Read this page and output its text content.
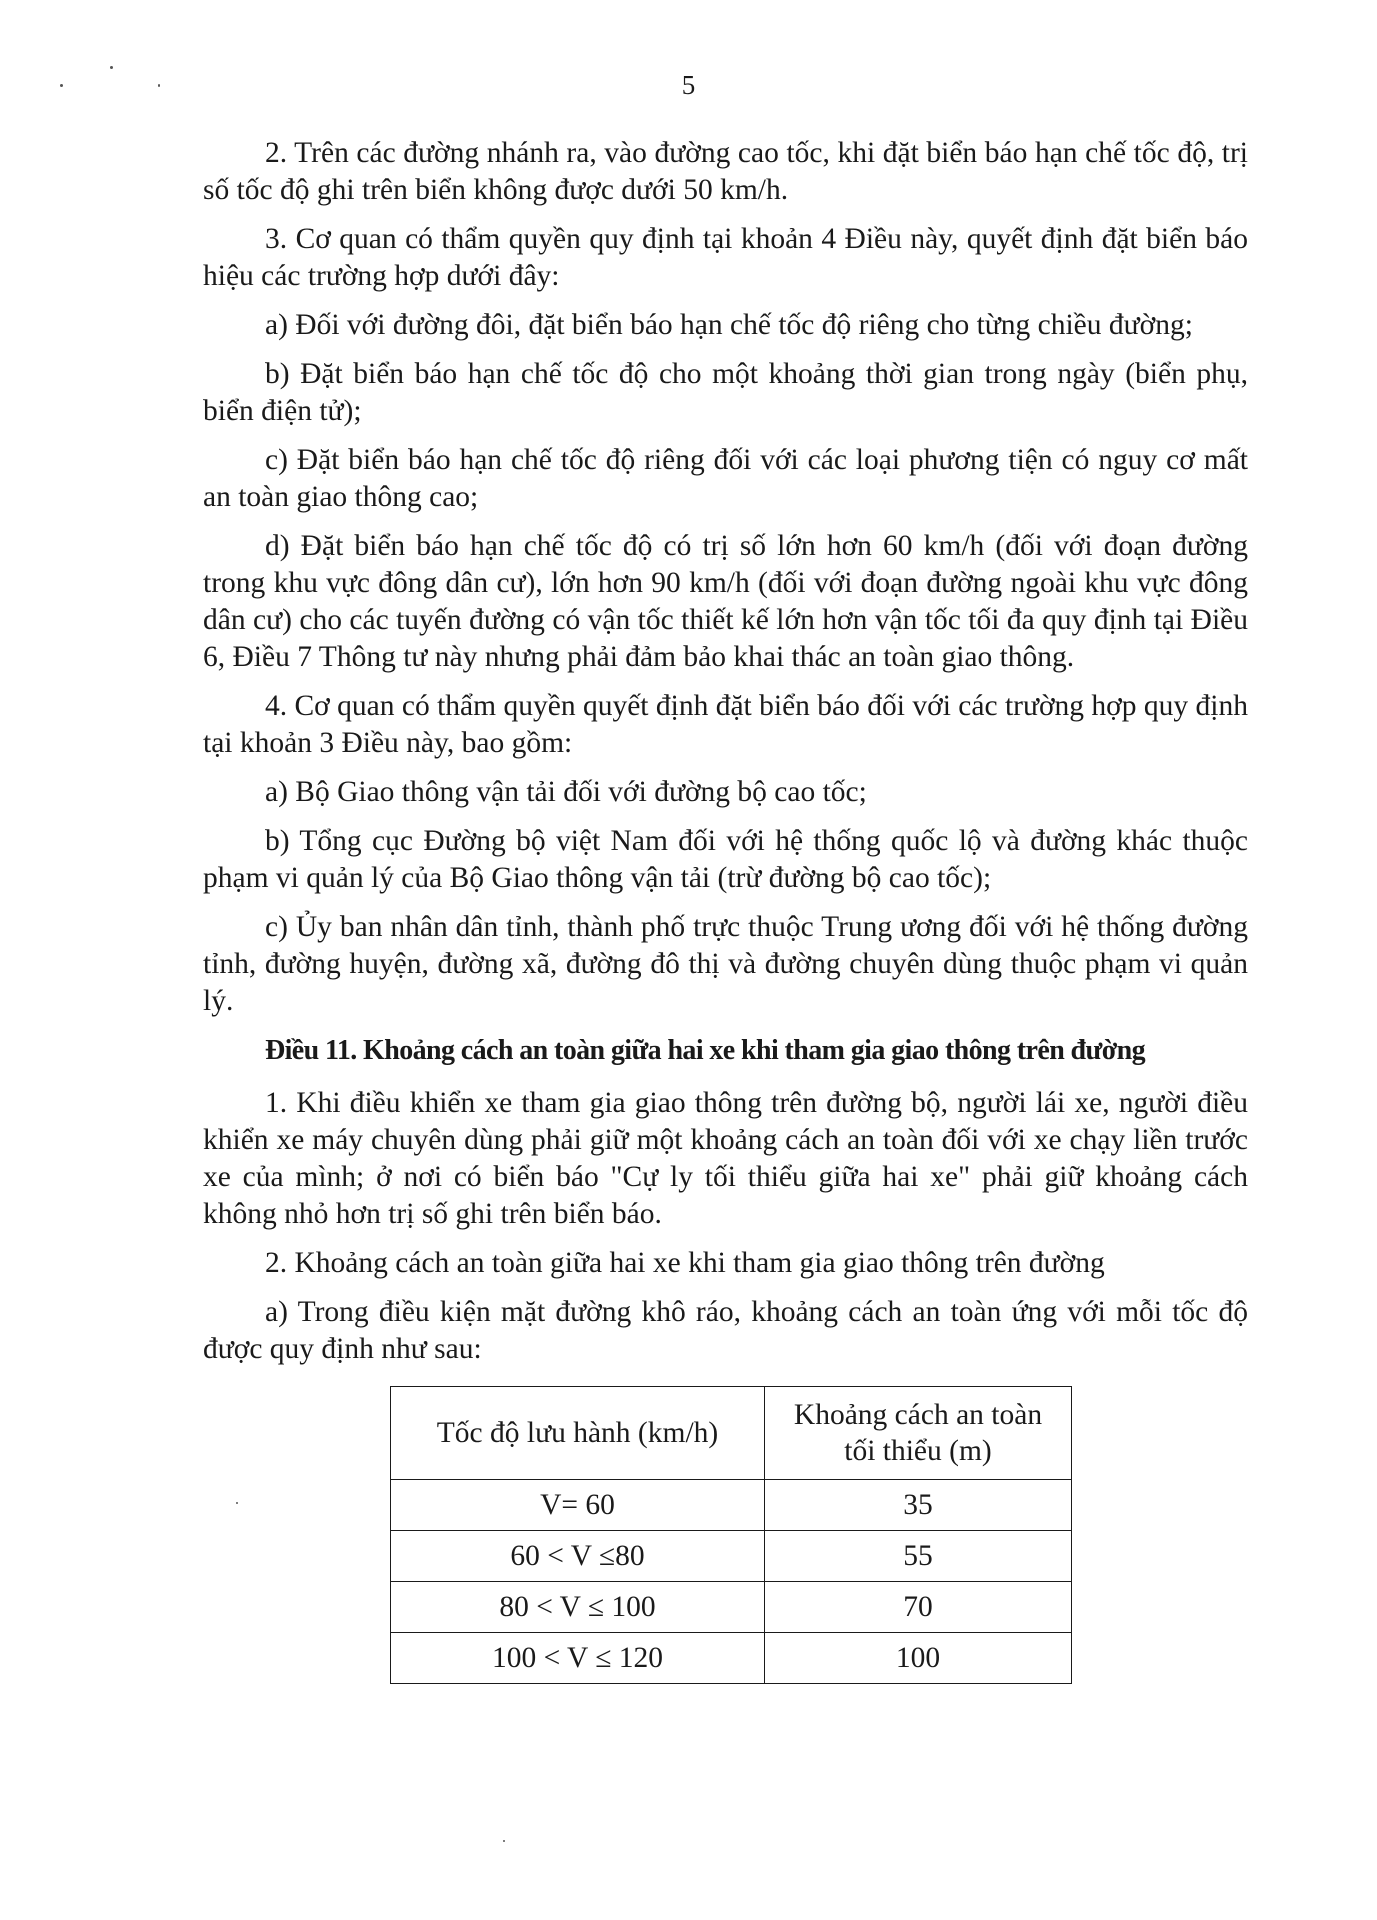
5

2. Trên các đường nhánh ra, vào đường cao tốc, khi đặt biển báo hạn chế tốc độ, trị số tốc độ ghi trên biển không được dưới 50 km/h.

3. Cơ quan có thẩm quyền quy định tại khoản 4 Điều này, quyết định đặt biển báo hiệu các trường hợp dưới đây:

a) Đối với đường đôi, đặt biển báo hạn chế tốc độ riêng cho từng chiều đường;

b) Đặt biển báo hạn chế tốc độ cho một khoảng thời gian trong ngày (biển phụ, biển điện tử);

c) Đặt biển báo hạn chế tốc độ riêng đối với các loại phương tiện có nguy cơ mất an toàn giao thông cao;

d) Đặt biển báo hạn chế tốc độ có trị số lớn hơn 60 km/h (đối với đoạn đường trong khu vực đông dân cư), lớn hơn 90 km/h (đối với đoạn đường ngoài khu vực đông dân cư) cho các tuyến đường có vận tốc thiết kế lớn hơn vận tốc tối đa quy định tại Điều 6, Điều 7 Thông tư này nhưng phải đảm bảo khai thác an toàn giao thông.

4. Cơ quan có thẩm quyền quyết định đặt biển báo đối với các trường hợp quy định tại khoản 3 Điều này, bao gồm:

a) Bộ Giao thông vận tải đối với đường bộ cao tốc;

b) Tổng cục Đường bộ việt Nam đối với hệ thống quốc lộ và đường khác thuộc phạm vi quản lý của Bộ Giao thông vận tải (trừ đường bộ cao tốc);

c) Ủy ban nhân dân tỉnh, thành phố trực thuộc Trung ương đối với hệ thống đường tỉnh, đường huyện, đường xã, đường đô thị và đường chuyên dùng thuộc phạm vi quản lý.

Điều 11. Khoảng cách an toàn giữa hai xe khi tham gia giao thông trên đường

1. Khi điều khiển xe tham gia giao thông trên đường bộ, người lái xe, người điều khiển xe máy chuyên dùng phải giữ một khoảng cách an toàn đối với xe chạy liền trước xe của mình; ở nơi có biển báo "Cự ly tối thiểu giữa hai xe" phải giữ khoảng cách không nhỏ hơn trị số ghi trên biển báo.

2. Khoảng cách an toàn giữa hai xe khi tham gia giao thông trên đường

a) Trong điều kiện mặt đường khô ráo, khoảng cách an toàn ứng với mỗi tốc độ được quy định như sau:

Tốc độ lưu hành (km/h)	Khoảng cách an toàn
tối thiểu (m)
V= 60	35
60 < V ≤80	55
80 < V ≤ 100	70
100 < V ≤ 120	100
